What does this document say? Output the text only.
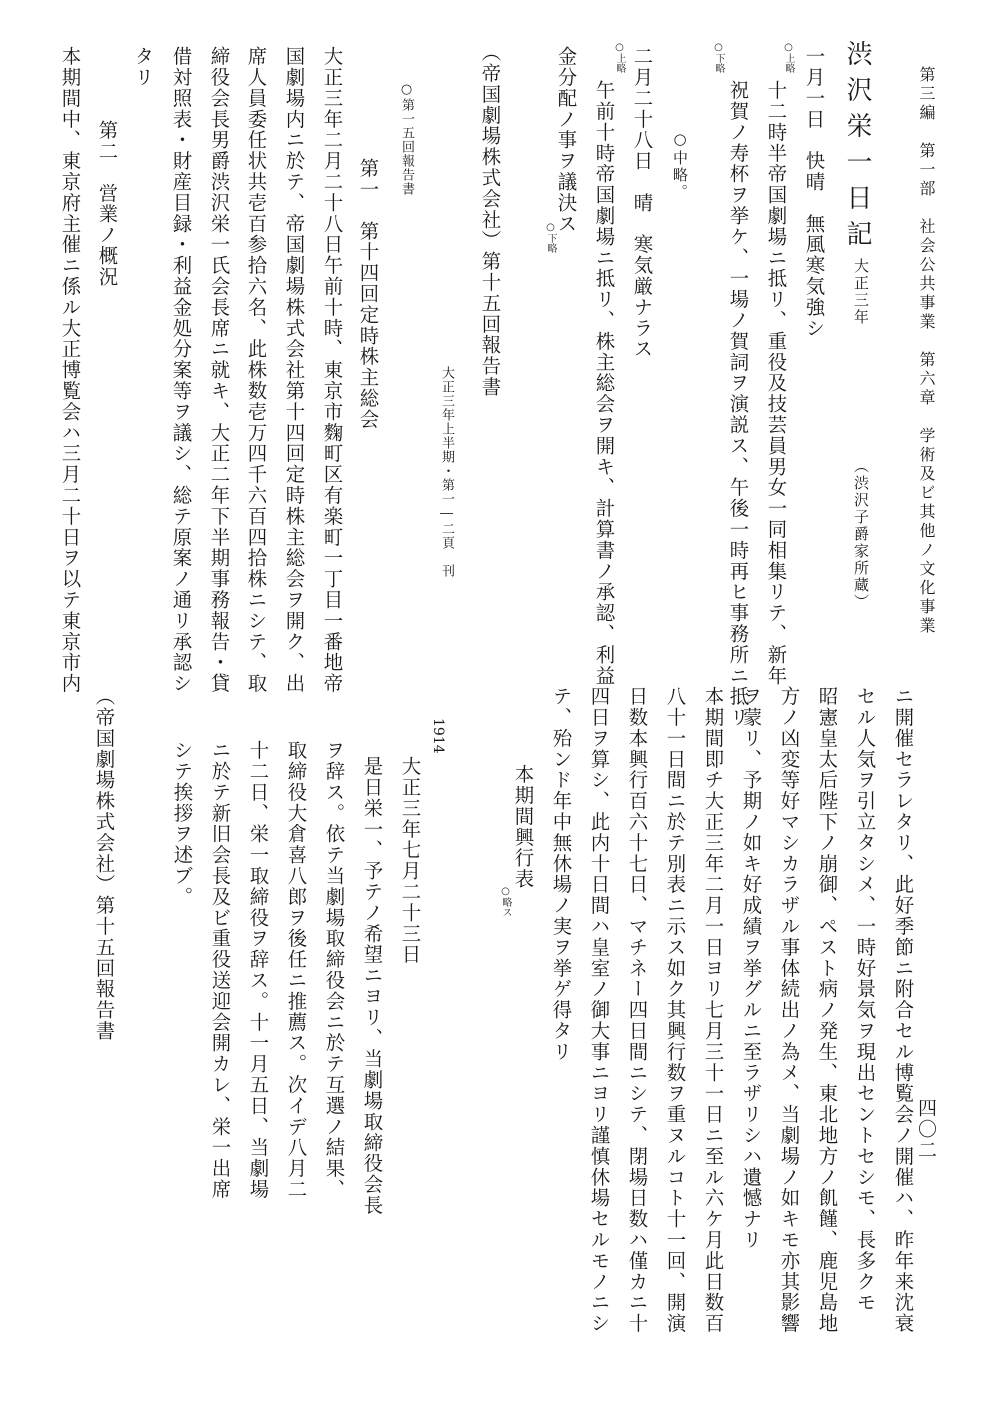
第三編　第一部　社会公共事業　第六章　学術及ビ其他ノ文化事業
四〇二
渋沢栄一日記
大正三年
（渋沢子爵家所蔵）
一月一日　快晴　無風寒気強シ
○上略
十二時半帝国劇場ニ抵リ、重役及技芸員男女一同相集リテ、新年
○下略
祝賀ノ寿杯ヲ挙ケ、一場ノ賀詞ヲ演説ス、午後一時再ヒ事務所ニ抵リ
○中略。
二月二十八日　晴　寒気厳ナラス
○上略
午前十時帝国劇場ニ抵リ、株主総会ヲ開キ、計算書ノ承認、利益
金分配ノ事ヲ議決ス
○下略
（帝国劇場株式会社）第十五回報告書
大正三年上半期・第一―二頁　刊
○第一五回報告書
第一　第十四回定時株主総会
大正三年二月二十八日午前十時、東京市麴町区有楽町一丁目一番地帝
国劇場内ニ於テ、帝国劇場株式会社第十四回定時株主総会ヲ開ク、出
席人員委任状共壱百参拾六名、此株数壱万四千六百四拾株ニシテ、取
締役会長男爵渋沢栄一氏会長席ニ就キ、大正二年下半期事務報告・貸
借対照表・財産目録・利益金処分案等ヲ議シ、総テ原案ノ通リ承認シ
タリ
第二　営業ノ概況
本期間中、東京府主催ニ係ル大正博覧会ハ三月二十日ヲ以テ東京市内
ニ開催セラレタリ、此好季節ニ附合セル博覧会ノ開催ハ、昨年来沈衰
セル人気ヲ引立タシメ、一時好景気ヲ現出セントセシモ、長多クモ
昭憲皇太后陛下ノ崩御、ペスト病ノ発生、東北地方ノ飢饉、鹿児島地
方ノ凶変等好マシカラザル事体続出ノ為メ、当劇場ノ如キモ亦其影響
ヲ蒙リ、予期ノ如キ好成績ヲ挙グルニ至ラザリシハ遺憾ナリ
本期間即チ大正三年二月一日ヨリ七月三十一日ニ至ル六ケ月此日数百
八十一日間ニ於テ別表ニ示ス如ク其興行数ヲ重ヌルコト十一回、開演
日数本興行百六十七日、マチネー四日間ニシテ、閉場日数ハ僅カニ十
四日ヲ算シ、此内十日間ハ皇室ノ御大事ニヨリ謹慎休場セルモノニシ
テ、殆ンド年中無休場ノ実ヲ挙ゲ得タリ
本期間興行表
○略ス
1914
大正三年七月二十三日
是日栄一、予テノ希望ニヨリ、当劇場取締役会長
ヲ辞ス。依テ当劇場取締役会ニ於テ互選ノ結果、
取締役大倉喜八郎ヲ後任ニ推薦ス。次イデ八月二
十二日、栄一取締役ヲ辞ス。十一月五日、当劇場
ニ於テ新旧会長及ビ重役送迎会開カレ、栄一出席
シテ挨拶ヲ述ブ。
（帝国劇場株式会社）第十五回報告書
